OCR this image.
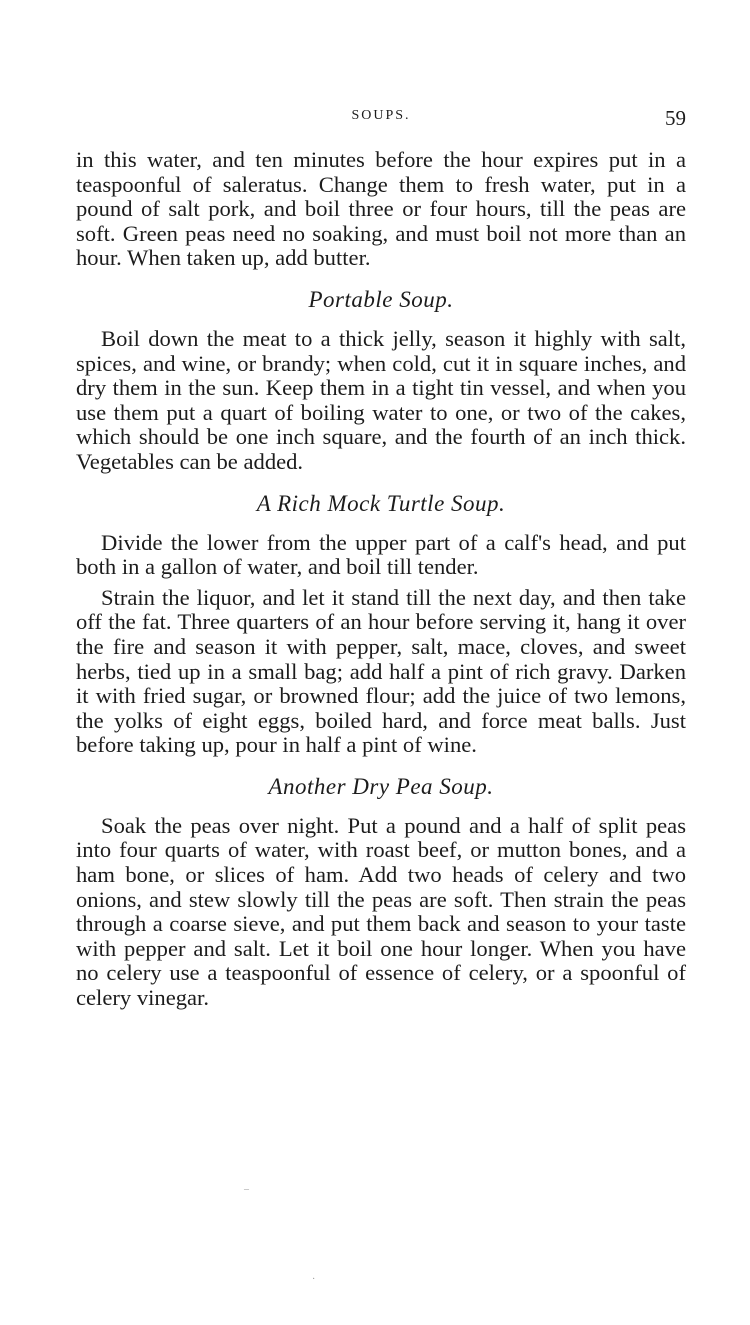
SOUPS.	59

in this water, and ten minutes before the hour expires put in a teaspoonful of saleratus. Change them to fresh water, put in a pound of salt pork, and boil three or four hours, till the peas are soft. Green peas need no soaking, and must boil not more than an hour. When taken up, add butter.

Portable Soup.

Boil down the meat to a thick jelly, season it highly with salt, spices, and wine, or brandy; when cold, cut it in square inches, and dry them in the sun. Keep them in a tight tin vessel, and when you use them put a quart of boiling water to one, or two of the cakes, which should be one inch square, and the fourth of an inch thick. Vegetables can be added.

A Rich Mock Turtle Soup.

Divide the lower from the upper part of a calf's head, and put both in a gallon of water, and boil till tender.

Strain the liquor, and let it stand till the next day, and then take off the fat. Three quarters of an hour before serving it, hang it over the fire and season it with pepper, salt, mace, cloves, and sweet herbs, tied up in a small bag; add half a pint of rich gravy. Darken it with fried sugar, or browned flour; add the juice of two lemons, the yolks of eight eggs, boiled hard, and force meat balls. Just before taking up, pour in half a pint of wine.

Another Dry Pea Soup.

Soak the peas over night. Put a pound and a half of split peas into four quarts of water, with roast beef, or mutton bones, and a ham bone, or slices of ham. Add two heads of celery and two onions, and stew slowly till the peas are soft. Then strain the peas through a coarse sieve, and put them back and season to your taste with pepper and salt. Let it boil one hour longer. When you have no celery use a teaspoonful of essence of celery, or a spoonful of celery vinegar.

–
·
